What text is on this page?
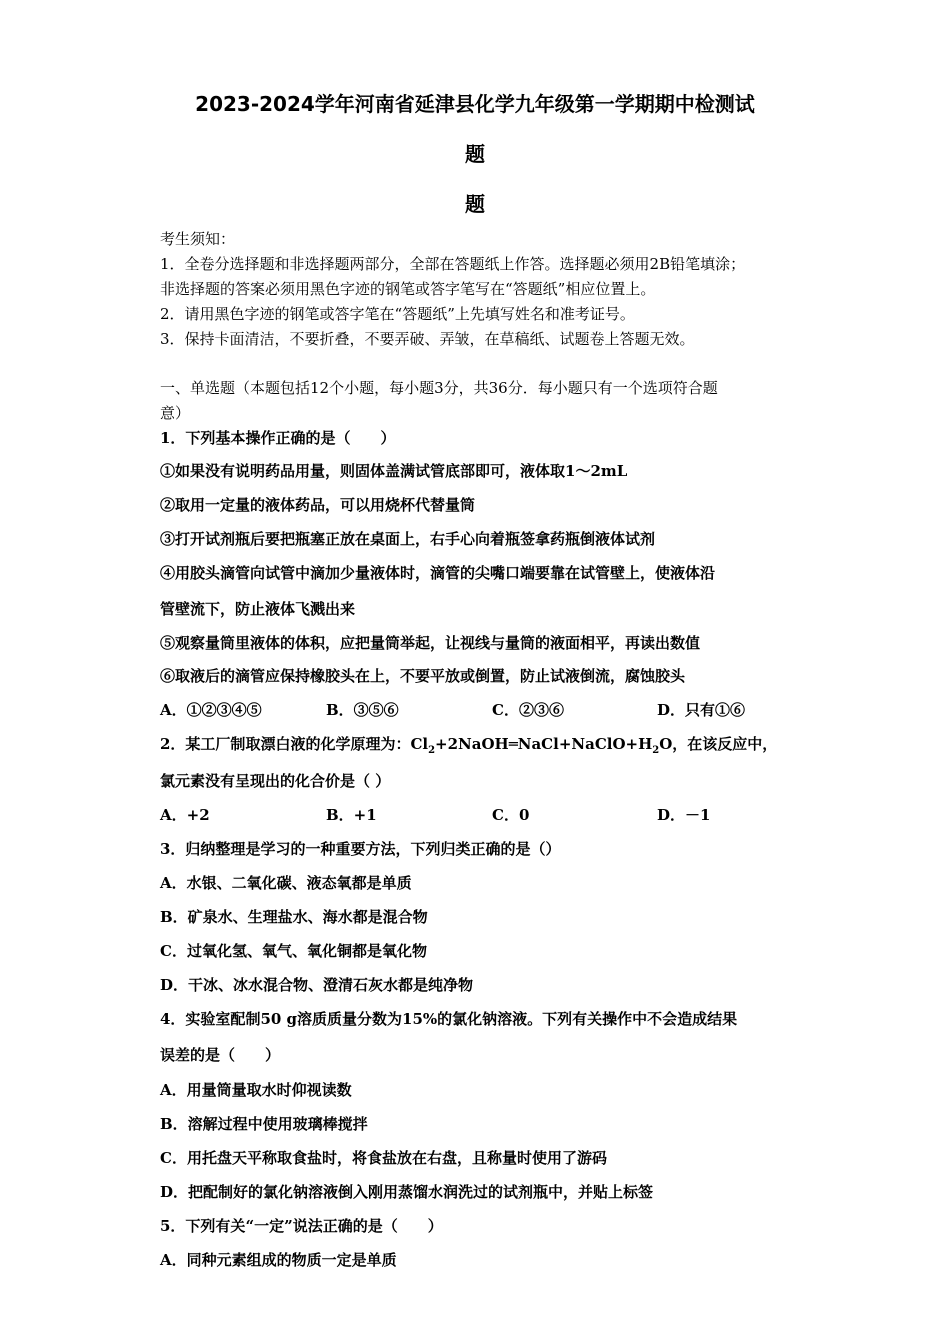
2023-2024学年河南省延津县化学九年级第一学期期中检测试
题
题
考生须知：
1．全卷分选择题和非选择题两部分，全部在答题纸上作答。选择题必须用2B铅笔填涂；
非选择题的答案必须用黑色字迹的钢笔或答字笔写在“答题纸”相应位置上。
2．请用黑色字迹的钢笔或答字笔在“答题纸”上先填写姓名和准考证号。
3．保持卡面清洁，不要折叠，不要弄破、弄皱，在草稿纸、试题卷上答题无效。
一、单选题（本题包括12个小题，每小题3分，共36分．每小题只有一个选项符合题
意）
1．下列基本操作正确的是（　　）
①如果没有说明药品用量，则固体盖满试管底部即可，液体取1～2mL
②取用一定量的液体药品，可以用烧杯代替量筒
③打开试剂瓶后要把瓶塞正放在桌面上，右手心向着瓶签拿药瓶倒液体试剂
④用胶头滴管向试管中滴加少量液体时，滴管的尖嘴口端要靠在试管壁上，使液体沿
管壁流下，防止液体飞溅出来
⑤观察量筒里液体的体积，应把量筒举起，让视线与量筒的液面相平，再读出数值
⑥取液后的滴管应保持橡胶头在上，不要平放或倒置，防止试液倒流，腐蚀胶头
A．①②③④⑤	B．③⑤⑥	C．②③⑥	D．只有①⑥
2．某工厂制取漂白液的化学原理为：$Cl_2+2NaOH═NaCl+NaClO+H_2O$，在该反应中，
氯元素没有呈现出的化合价是（ ）
A．+2	B．+1	C．0	D．－1
3．归纳整理是学习的一种重要方法，下列归类正确的是（）
A．水银、二氧化碳、液态氧都是单质
B．矿泉水、生理盐水、海水都是混合物
C．过氧化氢、氧气、氧化铜都是氧化物
D．干冰、冰水混合物、澄清石灰水都是纯净物
4．实验室配制50 g溶质质量分数为15%的氯化钠溶液。下列有关操作中不会造成结果
误差的是（　　）
A．用量筒量取水时仰视读数
B．溶解过程中使用玻璃棒搅拌
C．用托盘天平称取食盐时，将食盐放在右盘，且称量时使用了游码
D．把配制好的氯化钠溶液倒入刚用蒸馏水润洗过的试剂瓶中，并贴上标签
5．下列有关“一定”说法正确的是（　　）
A．同种元素组成的物质一定是单质
